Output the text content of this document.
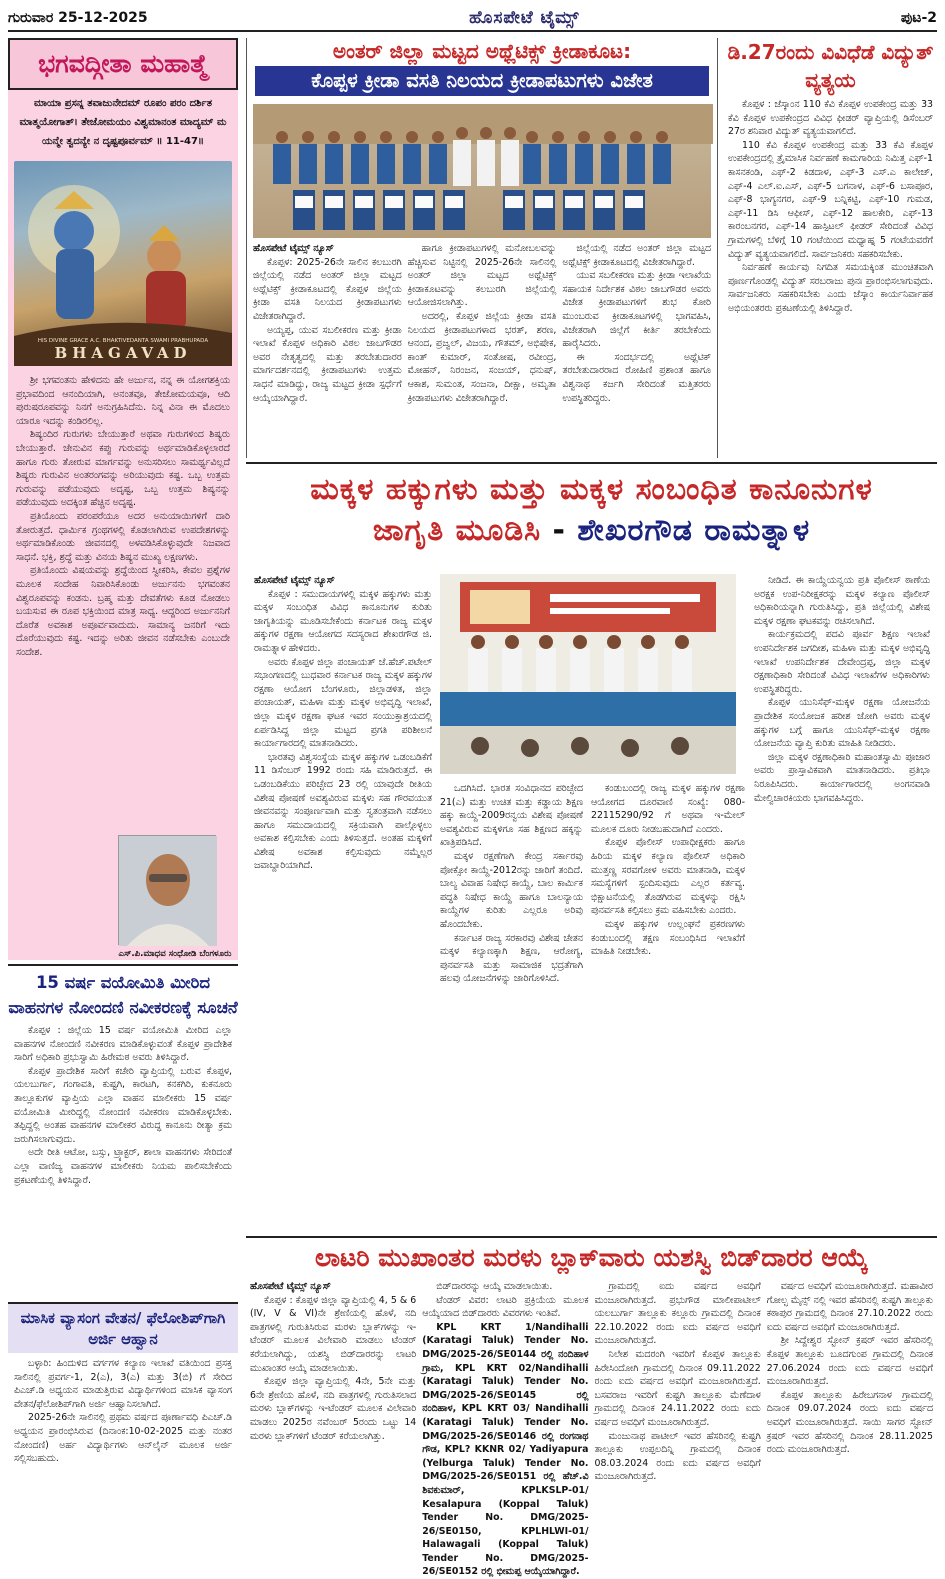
ಗುರುವಾರ 25-12-2025	ಹೊಸಪೇಟೆ ಟೈಮ್ಸ್	ಪುಟ-2
ಭಗವದ್ಗೀತಾ ಮಹಾತ್ಮೆ
ಮಾಯಾ ಪ್ರಸನ್ನ ತವಾಜುನೇದಮ್ ರೂಪಂ ಪರಂ ದರ್ಶಿತ ಮಾತ್ಮಯೋಗಾತ್। ತೇಜೋಮಯಂ ವಿಶ್ವಮಾನಂತ ಮಾದ್ಯಮ್ ಮ ಯನ್ಮೇ ತ್ವದನ್ಯೇ ನ ದೃಷ್ಟಪೂರ್ವಮ್ ॥ 11-47॥
HIS DIVINE GRACE A.C. BHAKTIVEDANTA SWAMI PRABHUPADA
BHAGAVAD

ಶ್ರೀ ಭಗವಂತನು ಹೇಳಿದನು ಹೇ ಅರ್ಜುನ, ನನ್ನ ಈ ಯೋಗಶಕ್ತಿಯ ಪ್ರಭಾವದಿಂದ ಆನಂದಿಯಾಗಿ, ಅನಂತವೂ, ತೇಜೋಮಯವೂ, ಆದಿ ಪುರುಷರೂಪವನ್ನು ನಿನಗೆ ಅನುಗ್ರಹಿಸಿದೆನು. ನಿನ್ನ ವಿನಾ ಈ ಮೊದಲು ಯಾರೂ ಇದನ್ನು ಕಂಡಿರಲಿಲ್ಲ.

ಶಿಷ್ಯಂದಿರ ಗುರುಗಳು ಬೇಯುತ್ತಾರೆ ಅಥವಾ ಗುರುಗಳಿಂದ ಶಿಷ್ಯರು ಬೇಯುತ್ತಾರೆ. ಜೇನುವಿನ ಕಪ್ಪು ಗುರುವನ್ನು ಅರ್ಥಮಾಡಿಕೊಳ್ಳಲಾರದೆ ಹಾಗೂ ಗುರು ತೋರುವ ಮಾರ್ಗವನ್ನು ಅನುಸರಿಸಲು ಸಾಮರ್ಥ್ಯವಿಲ್ಲದೆ ಶಿಷ್ಯರು ಗುರುವಿನ ಅಂತರಂಗವನ್ನು ಅರಿಯುವುದು ಕಷ್ಟ. ಒಬ್ಬ ಉತ್ತಮ ಗುರುವನ್ನು ಪಡೆಯುವುದು ಅದೃಷ್ಟ, ಒಬ್ಬ ಉತ್ತಮ ಶಿಷ್ಯನನ್ನು ಪಡೆಯುವುದು ಅದಕ್ಕಿಂತ ಹೆಚ್ಚಿನ ಅದೃಷ್ಟ.

ಪ್ರತಿಯೊಂದು ಪರಂಪರೆಯೂ ಅದರ ಅನುಯಾಯಿಗಳಿಗೆ ದಾರಿ ತೋರುತ್ತದೆ. ಧಾರ್ಮಿಕ ಗ್ರಂಥಗಳಲ್ಲಿ ಕೊಡಲಾಗಿರುವ ಉಪದೇಶಗಳನ್ನು ಅರ್ಥಮಾಡಿಕೊಂಡು ಜೀವನದಲ್ಲಿ ಅಳವಡಿಸಿಕೊಳ್ಳುವುದೇ ನಿಜವಾದ ಸಾಧನೆ. ಭಕ್ತಿ, ಶ್ರದ್ಧೆ ಮತ್ತು ವಿನಯ ಶಿಷ್ಯನ ಮುಖ್ಯ ಲಕ್ಷಣಗಳು.

ಪ್ರತಿಯೊಂದು ವಿಷಯವನ್ನು ಶ್ರದ್ಧೆಯಿಂದ ಸ್ವೀಕರಿಸಿ, ಕೇವಲ ಪ್ರಶ್ನೆಗಳ ಮೂಲಕ ಸಂದೇಹ ನಿವಾರಿಸಿಕೊಂಡು ಅರ್ಜುನನು ಭಗವಂತನ ವಿಶ್ವರೂಪವನ್ನು ಕಂಡನು. ಬ್ರಹ್ಮ ಮತ್ತು ದೇವತೆಗಳು ಕೂಡ ನೋಡಲು ಬಯಸುವ ಈ ರೂಪ ಭಕ್ತಿಯಿಂದ ಮಾತ್ರ ಸಾಧ್ಯ. ಆದ್ದರಿಂದ ಅರ್ಜುನನಿಗೆ ದೊರೆತ ಅವಕಾಶ ಅಪೂರ್ವವಾದುದು. ಸಾಮಾನ್ಯ ಜನರಿಗೆ ಇದು ದೊರೆಯುವುದು ಕಷ್ಟ. ಇದನ್ನು ಅರಿತು ಜೀವನ ನಡೆಸಬೇಕು ಎಂಬುದೇ ಸಂದೇಶ.

ಎಸ್.ಪಿ.ಮಾಧವ ಸಂಧೋಡಿ ಬೆಂಗಳೂರು
15 ವರ್ಷ ವಯೋಮಿತಿ ಮೀರಿದ ವಾಹನಗಳ ನೋಂದಣಿ ನವೀಕರಣಕ್ಕೆ ಸೂಚನೆ

ಕೊಪ್ಪಳ : ಜಿಲ್ಲೆಯ 15 ವರ್ಷ ವಯೋಮಿತಿ ಮೀರಿದ ಎಲ್ಲಾ ವಾಹನಗಳ ನೋಂದಣಿ ನವೀಕರಣ ಮಾಡಿಕೊಳ್ಳುವಂತೆ ಕೊಪ್ಪಳ ಪ್ರಾದೇಶಿಕ ಸಾರಿಗೆ ಅಧಿಕಾರಿ ಪ್ರಭುಸ್ವಾಮಿ ಹಿರೇಮಠ ಅವರು ತಿಳಿಸಿದ್ದಾರೆ.

ಕೊಪ್ಪಳ ಪ್ರಾದೇಶಿಕ ಸಾರಿಗೆ ಕಚೇರಿ ವ್ಯಾಪ್ತಿಯಲ್ಲಿ ಬರುವ ಕೊಪ್ಪಳ, ಯಲಬುರ್ಗಾ, ಗಂಗಾವತಿ, ಕುಷ್ಟಗಿ, ಕಾರಟಗಿ, ಕನಕಗಿರಿ, ಕುಕನೂರು ತಾಲ್ಲೂಕುಗಳ ವ್ಯಾಪ್ತಿಯ ಎಲ್ಲಾ ವಾಹನ ಮಾಲೀಕರು 15 ವರ್ಷ ವಯೋಮಿತಿ ಮೀರಿದ್ದಲ್ಲಿ ನೋಂದಣಿ ನವೀಕರಣ ಮಾಡಿಕೊಳ್ಳಬೇಕು. ತಪ್ಪಿದ್ದಲ್ಲಿ ಅಂತಹ ವಾಹನಗಳ ಮಾಲೀಕರ ವಿರುದ್ಧ ಕಾನೂನು ರೀತ್ಯಾ ಕ್ರಮ ಜರುಗಿಸಲಾಗುವುದು.

ಅದೇ ರೀತಿ ಆಟೋ, ಬಸ್ಸು, ಟ್ರ್ಯಾಕ್ಟರ್, ಶಾಲಾ ವಾಹನಗಳು ಸೇರಿದಂತೆ ಎಲ್ಲಾ ವಾಣಿಜ್ಯ ವಾಹನಗಳ ಮಾಲೀಕರು ನಿಯಮ ಪಾಲಿಸಬೇಕೆಂದು ಪ್ರಕಟಣೆಯಲ್ಲಿ ತಿಳಿಸಿದ್ದಾರೆ.

ಮಾಸಿಕ ವ್ಯಾಸಂಗ ವೇತನ/ ಫೆಲೋಶಿಪ್‌ಗಾಗಿ ಅರ್ಜಿ ಆಹ್ವಾನ

ಬಳ್ಳಾರಿ: ಹಿಂದುಳಿದ ವರ್ಗಗಳ ಕಲ್ಯಾಣ ಇಲಾಖೆ ವತಿಯಿಂದ ಪ್ರಸಕ್ತ ಸಾಲಿನಲ್ಲಿ ಪ್ರವರ್ಗ-1, 2(ಎ), 3(ಎ) ಮತ್ತು 3(ಬಿ) ಗೆ ಸೇರಿದ ಪಿಎಚ್.ಡಿ ಅಧ್ಯಯನ ಮಾಡುತ್ತಿರುವ ವಿದ್ಯಾರ್ಥಿಗಳಿಂದ ಮಾಸಿಕ ವ್ಯಾಸಂಗ ವೇತನ/ಫೆಲೋಶಿಪ್‌ಗಾಗಿ ಅರ್ಜಿ ಆಹ್ವಾನಿಸಲಾಗಿದೆ.

2025-26ನೇ ಸಾಲಿನಲ್ಲಿ ಪ್ರಥಮ ವರ್ಷದ ಪೂರ್ಣಾವಧಿ ಪಿಎಚ್.ಡಿ ಅಧ್ಯಯನ ಪ್ರಾರಂಭಿಸಿರುವ (ದಿನಾಂಕ:10-02-2025 ಮತ್ತು ನಂತರ ನೋಂದಣಿ) ಅರ್ಹ ವಿದ್ಯಾರ್ಥಿಗಳು ಆನ್‌ಲೈನ್ ಮೂಲಕ ಅರ್ಜಿ ಸಲ್ಲಿಸಬಹುದು.

ಅಂತರ್ ಜಿಲ್ಲಾ ಮಟ್ಟದ ಅಥ್ಲೆಟಿಕ್ಸ್ ಕ್ರೀಡಾಕೂಟ:
ಕೊಪ್ಪಳ ಕ್ರೀಡಾ ವಸತಿ ನಿಲಯದ ಕ್ರೀಡಾಪಟುಗಳು ವಿಜೇತ
ಹೊಸಪೇಟೆ ಟೈಮ್ಸ್ ನ್ಯೂಸ್

ಕೊಪ್ಪಳ: 2025-26ನೇ ಸಾಲಿನ ಕಲಬುರಗಿ ಜಿಲ್ಲೆಯಲ್ಲಿ ನಡೆದ ಅಂತರ್ ಜಿಲ್ಲಾ ಮಟ್ಟದ ಅಥ್ಲೆಟಿಕ್ಸ್ ಕ್ರೀಡಾಕೂಟದಲ್ಲಿ ಕೊಪ್ಪಳ ಜಿಲ್ಲೆಯ ಕ್ರೀಡಾ ವಸತಿ ನಿಲಯದ ಕ್ರೀಡಾಪಟುಗಳು ವಿಜೇತರಾಗಿದ್ದಾರೆ.

ಅಯ್ಯಪ್ಪ, ಯುವ ಸಬಲೀಕರಣ ಮತ್ತು ಕ್ರೀಡಾ ಇಲಾಖೆ ಕೊಪ್ಪಳ ಅಧಿಕಾರಿ ವಿಠಲ ಜಾಬಗೌಡರ ಅವರ ನೇತೃತ್ವದಲ್ಲಿ ಮತ್ತು ತರಬೇತುದಾರರ ಮಾರ್ಗದರ್ಶನದಲ್ಲಿ ಕ್ರೀಡಾಪಟುಗಳು ಉತ್ತಮ ಸಾಧನೆ ಮಾಡಿದ್ದು, ರಾಜ್ಯ ಮಟ್ಟದ ಕ್ರೀಡಾ ಸ್ಪರ್ಧೆಗೆ ಆಯ್ಕೆಯಾಗಿದ್ದಾರೆ.

ಹಾಗೂ ಕ್ರೀಡಾಪಟುಗಳಲ್ಲಿ ಮನೋಬಲವನ್ನು ಹೆಚ್ಚಿಸುವ ನಿಟ್ಟಿನಲ್ಲಿ 2025-26ನೇ ಸಾಲಿನಲ್ಲಿ ಅಂತರ್ ಜಿಲ್ಲಾ ಮಟ್ಟದ ಅಥ್ಲೆಟಿಕ್ಸ್ ಕ್ರೀಡಾಕೂಟವನ್ನು ಕಲಬುರಗಿ ಜಿಲ್ಲೆಯಲ್ಲಿ ಆಯೋಜಿಸಲಾಗಿತ್ತು.

ಅದರಲ್ಲಿ, ಕೊಪ್ಪಳ ಜಿಲ್ಲೆಯ ಕ್ರೀಡಾ ವಸತಿ ನಿಲಯದ ಕ್ರೀಡಾಪಟುಗಳಾದ ಭರತ್, ಶರಣ, ಆನಂದ, ಪ್ರಜ್ವಲ್, ವಿಜಯ, ಗೌತಮ್, ಅಭಿಷೇಕ, ಕಾಂತ್ ಕುಮಾರ್, ಸಂತೋಷ, ರವೀಂದ್ರ, ಮೋಹನ್, ನಿರಂಜನ, ಸಂಜಯ್, ಧನುಷ್, ಆಕಾಶ, ಸುಮಂತ, ಸಂಜನಾ, ದೀಕ್ಷಾ, ಅಮೃತಾ ಕ್ರೀಡಾಪಟುಗಳು ವಿಜೇತರಾಗಿದ್ದಾರೆ.

ಜಿಲ್ಲೆಯಲ್ಲಿ ನಡೆದ ಅಂತರ್ ಜಿಲ್ಲಾ ಮಟ್ಟದ ಅಥ್ಲೆಟಿಕ್ಸ್ ಕ್ರೀಡಾಕೂಟದಲ್ಲಿ ವಿಜೇತರಾಗಿದ್ದಾರೆ.

ಯುವ ಸಬಲೀಕರಣ ಮತ್ತು ಕ್ರೀಡಾ ಇಲಾಖೆಯ ಸಹಾಯಕ ನಿರ್ದೇಶಕ ವಿಠಲ ಜಾಬಗೌಡರ ಅವರು ವಿಜೇತ ಕ್ರೀಡಾಪಟುಗಳಿಗೆ ಶುಭ ಕೋರಿ ಮುಂಬರುವ ಕ್ರೀಡಾಕೂಟಗಳಲ್ಲಿ ಭಾಗವಹಿಸಿ, ವಿಜೇತರಾಗಿ ಜಿಲ್ಲೆಗೆ ಕೀರ್ತಿ ತರಬೇಕೆಂದು ಹಾರೈಸಿದರು.

ಈ ಸಂದರ್ಭದಲ್ಲಿ ಅಥ್ಲೆಟಿಕ್ ತರಬೇತುದಾರರಾದ ರೋಹಿಣಿ ಪ್ರಶಾಂತ ಹಾಗೂ ವಿಶ್ವನಾಥ ಕರ್ಜಗಿ ಸೇರಿದಂತೆ ಮತ್ತಿತರರು ಉಪಸ್ಥಿತರಿದ್ದರು.

ಡಿ.27ರಂದು ವಿವಿಧೆಡೆ ವಿದ್ಯುತ್ ವ್ಯತ್ಯಯ

ಕೊಪ್ಪಳ : ಜೆಸ್ಕಾಂನ 110 ಕೆವಿ ಕೊಪ್ಪಳ ಉಪಕೇಂದ್ರ ಮತ್ತು 33 ಕೆವಿ ಕೊಪ್ಪಳ ಉಪಕೇಂದ್ರದ ವಿವಿಧ ಫೀಡರ್ ವ್ಯಾಪ್ತಿಯಲ್ಲಿ ಡಿಸೆಂಬರ್ 27ರ ಶನಿವಾರ ವಿದ್ಯುತ್ ವ್ಯತ್ಯಯವಾಗಲಿದೆ.

110 ಕೆವಿ ಕೊಪ್ಪಳ ಉಪಕೇಂದ್ರ ಮತ್ತು 33 ಕೆವಿ ಕೊಪ್ಪಳ ಉಪಕೇಂದ್ರದಲ್ಲಿ ತ್ರೈಮಾಸಿಕ ನಿರ್ವಹಣೆ ಕಾಮಗಾರಿಯ ನಿಮಿತ್ತ ಎಫ್-1 ಕಾಸನಕಂಡಿ, ಎಫ್-2 ಕಿಡದಾಳ, ಎಫ್-3 ಎಸ್.ಎ ಕಾಲೇಜ್, ಎಫ್-4 ಎಲ್.ಐ.ಎಸ್, ಎಫ್-5 ಬಗನಾಳ, ಎಫ್-6 ಬಸಾಪೂರ, ಎಫ್-8 ಭಾಗ್ಯನಗರ, ಎಫ್-9 ಬನ್ನಿಕಟ್ಟಿ, ಎಫ್-10 ಗುಮಡ, ಎಫ್-11 ಡಿಸಿ ಆಫೀಸ್, ಎಫ್-12 ಹಾಲಕೇರಿ, ಎಫ್-13 ಕಾರಂಬನಗರ, ಎಫ್-14 ಹಾಸ್ಪಿಟಲ್ ಫೀಡರ್ ಸೇರಿದಂತೆ ವಿವಿಧ ಗ್ರಾಮಗಳಲ್ಲಿ ಬೆಳಿಗ್ಗೆ 10 ಗಂಟೆಯಿಂದ ಮಧ್ಯಾಹ್ನ 5 ಗಂಟೆಯವರೆಗೆ ವಿದ್ಯುತ್ ವ್ಯತ್ಯಯವಾಗಲಿದೆ. ಸಾರ್ವಜನಿಕರು ಸಹಕರಿಸಬೇಕು.

ನಿರ್ವಹಣೆ ಕಾರ್ಯವು ನಿಗದಿತ ಸಮಯಕ್ಕಿಂತ ಮುಂಚಿತವಾಗಿ ಪೂರ್ಣಗೊಂಡಲ್ಲಿ ವಿದ್ಯುತ್ ಸರಬರಾಜು ಪುನಃ ಪ್ರಾರಂಭಿಸಲಾಗುವುದು. ಸಾರ್ವಜನಿಕರು ಸಹಕರಿಸಬೇಕು ಎಂದು ಜೆಸ್ಕಾಂ ಕಾರ್ಯನಿರ್ವಾಹಕ ಅಭಿಯಂತರರು ಪ್ರಕಟಣೆಯಲ್ಲಿ ತಿಳಿಸಿದ್ದಾರೆ.

ಮಕ್ಕಳ ಹಕ್ಕುಗಳು ಮತ್ತು ಮಕ್ಕಳ ಸಂಬಂಧಿತ ಕಾನೂನುಗಳ
ಜಾಗೃತಿ ಮೂಡಿಸಿ - ಶೇಖರಗೌಡ ರಾಮತ್ನಾಳ
ಹೊಸಪೇಟೆ ಟೈಮ್ಸ್ ನ್ಯೂಸ್

ಕೊಪ್ಪಳ : ಸಮುದಾಯಗಳಲ್ಲಿ ಮಕ್ಕಳ ಹಕ್ಕುಗಳು ಮತ್ತು ಮಕ್ಕಳ ಸಂಬಂಧಿತ ವಿವಿಧ ಕಾನೂನುಗಳ ಕುರಿತು ಜಾಗೃತಿಯನ್ನು ಮೂಡಿಸಬೇಕೆಂದು ಕರ್ನಾಟಕ ರಾಜ್ಯ ಮಕ್ಕಳ ಹಕ್ಕುಗಳ ರಕ್ಷಣಾ ಆಯೋಗದ ಸದಸ್ಯರಾದ ಶೇಖರಗೌಡ ಜಿ. ರಾಮತ್ನಾಳ ಹೇಳಿದರು.

ಅವರು ಕೊಪ್ಪಳ ಜಿಲ್ಲಾ ಪಂಚಾಯತ್ ಜೆ.ಹೆಚ್.ಪಟೇಲ್ ಸಭಾಂಗಣದಲ್ಲಿ ಬುಧವಾರ ಕರ್ನಾಟಕ ರಾಜ್ಯ ಮಕ್ಕಳ ಹಕ್ಕುಗಳ ರಕ್ಷಣಾ ಆಯೋಗ ಬೆಂಗಳೂರು, ಜಿಲ್ಲಾಡಳಿತ, ಜಿಲ್ಲಾ ಪಂಚಾಯತ್, ಮಹಿಳಾ ಮತ್ತು ಮಕ್ಕಳ ಅಭಿವೃದ್ಧಿ ಇಲಾಖೆ, ಜಿಲ್ಲಾ ಮಕ್ಕಳ ರಕ್ಷಣಾ ಘಟಕ ಇವರ ಸಂಯುಕ್ತಾಶ್ರಯದಲ್ಲಿ ಏರ್ಪಡಿಸಿದ್ದ ಜಿಲ್ಲಾ ಮಟ್ಟದ ಪ್ರಗತಿ ಪರಿಶೀಲನೆ ಕಾರ್ಯಾಗಾರದಲ್ಲಿ ಮಾತನಾಡಿದರು.

ಭಾರತವು ವಿಶ್ವಸಂಸ್ಥೆಯ ಮಕ್ಕಳ ಹಕ್ಕುಗಳ ಒಡಂಬಡಿಕೆಗೆ 11 ಡಿಸೆಂಬರ್ 1992 ರಂದು ಸಹಿ ಮಾಡಿರುತ್ತದೆ. ಈ ಒಡಂಬಡಿಕೆಯು ಪರಿಚ್ಛೇದ 23 ರಲ್ಲಿ ಯಾವುದೇ ರೀತಿಯ ವಿಶೇಷ ಪೋಷಣೆ ಅವಶ್ಯವಿರುವ ಮಕ್ಕಳು ಸಹ ಗೌರವಯುತ ಜೀವನವನ್ನು ಸಂಪೂರ್ಣವಾಗಿ ಮತ್ತು ಸ್ವತಂತ್ರವಾಗಿ ನಡೆಸಲು ಹಾಗೂ ಸಮುದಾಯದಲ್ಲಿ ಸಕ್ರಿಯವಾಗಿ ಪಾಲ್ಗೊಳ್ಳಲು ಅವಕಾಶ ಕಲ್ಪಿಸಬೇಕು ಎಂದು ತಿಳಿಸುತ್ತದೆ. ಅಂತಹ ಮಕ್ಕಳಿಗೆ ವಿಶೇಷ ಅವಕಾಶ ಕಲ್ಪಿಸುವುದು ನಮ್ಮೆಲ್ಲರ ಜವಾಬ್ದಾರಿಯಾಗಿದೆ.

ಒದಗಿಸಿದೆ. ಭಾರತ ಸಂವಿಧಾನದ ಪರಿಚ್ಛೇದ 21(ಎ) ಮತ್ತು ಉಚಿತ ಮತ್ತು ಕಡ್ಡಾಯ ಶಿಕ್ಷಣ ಹಕ್ಕು ಕಾಯ್ದೆ-2009ರನ್ವಯ ವಿಶೇಷ ಪೋಷಣೆ ಅವಶ್ಯವಿರುವ ಮಕ್ಕಳಿಗೂ ಸಹ ಶಿಕ್ಷಣದ ಹಕ್ಕನ್ನು ಖಾತ್ರಿಪಡಿಸಿದೆ.

ಮಕ್ಕಳ ರಕ್ಷಣೆಗಾಗಿ ಕೇಂದ್ರ ಸರ್ಕಾರವು ಪೋಕ್ಸೋ ಕಾಯ್ದೆ-2012ರನ್ನು ಜಾರಿಗೆ ತಂದಿದೆ. ಬಾಲ್ಯ ವಿವಾಹ ನಿಷೇಧ ಕಾಯ್ದೆ, ಬಾಲ ಕಾರ್ಮಿಕ ಪದ್ಧತಿ ನಿಷೇಧ ಕಾಯ್ದೆ ಹಾಗೂ ಬಾಲನ್ಯಾಯ ಕಾಯ್ದೆಗಳ ಕುರಿತು ಎಲ್ಲರೂ ಅರಿವು ಹೊಂದಬೇಕು.

ಕರ್ನಾಟಕ ರಾಜ್ಯ ಸರಕಾರವು ವಿಶೇಷ ಚೇತನ ಮಕ್ಕಳ ಕಲ್ಯಾಣಕ್ಕಾಗಿ ಶಿಕ್ಷಣ, ಆರೋಗ್ಯ, ಪುನರ್ವಸತಿ ಮತ್ತು ಸಾಮಾಜಿಕ ಭದ್ರತೆಗಾಗಿ ಹಲವು ಯೋಜನೆಗಳನ್ನು ಜಾರಿಗೊಳಿಸಿದೆ.

ಕಂಡುಬಂದಲ್ಲಿ ರಾಜ್ಯ ಮಕ್ಕಳ ಹಕ್ಕುಗಳ ರಕ್ಷಣಾ ಆಯೋಗದ ದೂರವಾಣಿ ಸಂಖ್ಯೆ: 080-22115290/92 ಗೆ ಅಥವಾ ಇ-ಮೇಲ್ ಮೂಲಕ ದೂರು ನೀಡಬಹುದಾಗಿದೆ ಎಂದರು.

ಕೊಪ್ಪಳ ಪೊಲೀಸ್ ಉಪಾಧೀಕ್ಷಕರು ಹಾಗೂ ಹಿರಿಯ ಮಕ್ಕಳ ಕಲ್ಯಾಣ ಪೊಲೀಸ್ ಅಧಿಕಾರಿ ಮುತ್ತಣ್ಣ ಸರವಗೋಳ ಅವರು ಮಾತನಾಡಿ, ಮಕ್ಕಳ ಸಮಸ್ಯೆಗಳಿಗೆ ಸ್ಪಂದಿಸುವುದು ಎಲ್ಲರ ಕರ್ತವ್ಯ. ಭಿಕ್ಷಾಟನೆಯಲ್ಲಿ ತೊಡಗಿರುವ ಮಕ್ಕಳನ್ನು ರಕ್ಷಿಸಿ ಪುನರ್ವಸತಿ ಕಲ್ಪಿಸಲು ಕ್ರಮ ವಹಿಸಬೇಕು ಎಂದರು.

ಮಕ್ಕಳ ಹಕ್ಕುಗಳ ಉಲ್ಲಂಘನೆ ಪ್ರಕರಣಗಳು ಕಂಡುಬಂದಲ್ಲಿ ತಕ್ಷಣ ಸಂಬಂಧಿಸಿದ ಇಲಾಖೆಗೆ ಮಾಹಿತಿ ನೀಡಬೇಕು.

ನೀಡಿದೆ. ಈ ಕಾಯ್ದೆಯನ್ವಯ ಪ್ರತಿ ಪೊಲೀಸ್ ಠಾಣೆಯ ಅರಕ್ಷಕ ಉಪ-ನಿರೀಕ್ಷಕರನ್ನು ಮಕ್ಕಳ ಕಲ್ಯಾಣ ಪೊಲೀಸ್ ಅಧಿಕಾರಿಯನ್ನಾಗಿ ಗುರುತಿಸಿದ್ದು, ಪ್ರತಿ ಜಿಲ್ಲೆಯಲ್ಲಿ ವಿಶೇಷ ಮಕ್ಕಳ ರಕ್ಷಣಾ ಘಟಕವನ್ನು ರಚಿಸಲಾಗಿದೆ.

ಕಾರ್ಯಕ್ರಮದಲ್ಲಿ ಪದವಿ ಪೂರ್ವ ಶಿಕ್ಷಣ ಇಲಾಖೆ ಉಪನಿರ್ದೇಶಕ ಜಗದೀಶ, ಮಹಿಳಾ ಮತ್ತು ಮಕ್ಕಳ ಅಭಿವೃದ್ಧಿ ಇಲಾಖೆ ಉಪನಿರ್ದೇಶಕ ದೇವೇಂದ್ರಪ್ಪ, ಜಿಲ್ಲಾ ಮಕ್ಕಳ ರಕ್ಷಣಾಧಿಕಾರಿ ಸೇರಿದಂತೆ ವಿವಿಧ ಇಲಾಖೆಗಳ ಅಧಿಕಾರಿಗಳು ಉಪಸ್ಥಿತರಿದ್ದರು.

ಕೊಪ್ಪಳ ಯುನಿಸೆಫ್-ಮಕ್ಕಳ ರಕ್ಷಣಾ ಯೋಜನೆಯ ಪ್ರಾದೇಶಿಕ ಸಂಯೋಜಕ ಹರೀಶ ಜೋಗಿ ಅವರು ಮಕ್ಕಳ ಹಕ್ಕುಗಳ ಬಗ್ಗೆ ಹಾಗೂ ಯುನಿಸೆಫ್-ಮಕ್ಕಳ ರಕ್ಷಣಾ ಯೋಜನೆಯ ವ್ಯಾಪ್ತಿ ಕುರಿತು ಮಾಹಿತಿ ನೀಡಿದರು.

ಜಿಲ್ಲಾ ಮಕ್ಕಳ ರಕ್ಷಣಾಧಿಕಾರಿ ಮಹಾಂತಸ್ವಾಮಿ ಪೂಜಾರ ಅವರು ಪ್ರಾಸ್ತಾವಿಕವಾಗಿ ಮಾತನಾಡಿದರು. ಪ್ರತಿಭಾ ನಿರೂಪಿಸಿದರು. ಕಾರ್ಯಾಗಾರದಲ್ಲಿ ಅಂಗನವಾಡಿ ಮೇಲ್ವಿಚಾರಕಿಯರು ಭಾಗವಹಿಸಿದ್ದರು.

ಲಾಟರಿ ಮುಖಾಂತರ ಮರಳು ಬ್ಲಾಕ್‌ವಾರು ಯಶಸ್ವಿ ಬಿಡ್‌ದಾರರ ಆಯ್ಕೆ
ಹೊಸಪೇಟೆ ಟೈಮ್ಸ್ ನ್ಯೂಸ್

ಕೊಪ್ಪಳ : ಕೊಪ್ಪಳ ಜಿಲ್ಲಾ ವ್ಯಾಪ್ತಿಯಲ್ಲಿ 4, 5 & 6 (IV, V & VI)ನೇ ಶ್ರೇಣಿಯಲ್ಲಿ ಹೊಳೆ, ನದಿ ಪಾತ್ರಗಳಲ್ಲಿ ಗುರುತಿಸಿರುವ ಮರಳು ಬ್ಲಾಕ್‌ಗಳನ್ನು ಇ-ಟೆಂಡರ್ ಮೂಲಕ ವಿಲೇವಾರಿ ಮಾಡಲು ಟೆಂಡರ್ ಕರೆಯಲಾಗಿದ್ದು, ಯಶಸ್ವಿ ಬಿಡ್‌ದಾರರನ್ನು ಲಾಟರಿ ಮುಖಾಂತರ ಆಯ್ಕೆ ಮಾಡಲಾಯಿತು.

ಕೊಪ್ಪಳ ಜಿಲ್ಲಾ ವ್ಯಾಪ್ತಿಯಲ್ಲಿ 4ನೇ, 5ನೇ ಮತ್ತು 6ನೇ ಶ್ರೇಣಿಯ ಹೊಳೆ, ನದಿ ಪಾತ್ರಗಳಲ್ಲಿ ಗುರುತಿಸಲಾದ ಮರಳು ಬ್ಲಾಕ್‌ಗಳನ್ನು ಇ-ಟೆಂಡರ್ ಮೂಲಕ ವಿಲೇವಾರಿ ಮಾಡಲು 2025ರ ನವೆಂಬರ್ 5ರಂದು ಒಟ್ಟು 14 ಮರಳು ಬ್ಲಾಕ್‌ಗಳಿಗೆ ಟೆಂಡರ್ ಕರೆಯಲಾಗಿತ್ತು.

ಬಿಡ್‌ದಾರರನ್ನು ಆಯ್ಕೆ ಮಾಡಲಾಯಿತು.

ಟೆಂಡರ್ ವಿವರ: ಲಾಟರಿ ಪ್ರಕ್ರಿಯೆಯ ಮೂಲಕ ಆಯ್ಕೆಯಾದ ಬಿಡ್‌ದಾರರು ವಿವರಗಳು ಇಂತಿವೆ.

KPL KRT 1/Nandihalli (Karatagi Taluk) Tender No. DMG/2025-26/SE0144 ರಲ್ಲಿ ನಂದಿಹಾಳ ಗ್ರಾಮ, KPL KRT 02/Nandihalli (Karatagi Taluk) Tender No. DMG/2025-26/SE0145 ರಲ್ಲಿ ನಂದಿಹಾಳ, KPL KRT 03/ Nandihalli (Karatagi Taluk) Tender No. DMG/2025-26/SE0146 ರಲ್ಲಿ ರಂಗನಾಥ ಗೌಡ, KPL? KKNR 02/ Yadiyapura (Yelburga Taluk) Tender No. DMG/2025-26/SE0151 ರಲ್ಲಿ ಹೆಚ್.ವಿ ಶಿವಕುಮಾರ್, KPLKSLP-01/ Kesalapura (Koppal Taluk) Tender No. DMG/2025-26/SE0150, KPLHLWI-01/ Halawagali (Koppal Taluk) Tender No. DMG/2025-26/SE0152 ರಲ್ಲಿ ಭೀಮಪ್ಪ ಆಯ್ಕೆಯಾಗಿದ್ದಾರೆ.

ಗ್ರಾಮದಲ್ಲಿ ಐದು ವರ್ಷದ ಅವಧಿಗೆ ಮಂಜೂರಾಗಿರುತ್ತದೆ. ಪ್ರಭುಗೌಡ ಮಾಲೀಪಾಟೀಲ್ ಯಲಬುರ್ಗಾ ತಾಲ್ಲೂಕು ಕಲ್ಲೂರು ಗ್ರಾಮದಲ್ಲಿ ದಿನಾಂಕ 22.10.2022 ರಂದು ಐದು ವರ್ಷದ ಅವಧಿಗೆ ಮಂಜೂರಾಗಿರುತ್ತದೆ.

ನಿಲೇಶ ಮದರಂಗಿ ಇವರಿಗೆ ಕೊಪ್ಪಳ ತಾಲ್ಲೂಕು ಹಿರೇಸಿಂದೋಗಿ ಗ್ರಾಮದಲ್ಲಿ ದಿನಾಂಕ 09.11.2022 ರಂದು ಐದು ವರ್ಷದ ಅವಧಿಗೆ ಮಂಜೂರಾಗಿರುತ್ತದೆ. ಬಸವರಾಜ ಇವರಿಗೆ ಕುಷ್ಟಗಿ ತಾಲ್ಲೂಕು ಮೆಣೆದಾಳ ಗ್ರಾಮದಲ್ಲಿ ದಿನಾಂಕ 24.11.2022 ರಂದು ಐದು ವರ್ಷದ ಅವಧಿಗೆ ಮಂಜೂರಾಗಿರುತ್ತದೆ.

ಮಂಜುನಾಥ ಪಾಟೀಲ್ ಇವರ ಹೆಸರಿನಲ್ಲಿ ಕುಷ್ಟಗಿ ತಾಲ್ಲೂಕು ಉಪ್ಪಲದಿನ್ನಿ ಗ್ರಾಮದಲ್ಲಿ ದಿನಾಂಕ 08.03.2024 ರಂದು ಐದು ವರ್ಷದ ಅವಧಿಗೆ ಮಂಜೂರಾಗಿರುತ್ತದೆ.

ವರ್ಷದ ಅವಧಿಗೆ ಮಂಜೂರಾಗಿರುತ್ತದೆ. ಮಹಾವೀರ ಗೋಲ್ಛ ಮೈನ್ಸ್ ನಲ್ಲಿ ಇವರ ಹೆಸರಿನಲ್ಲಿ ಕುಷ್ಟಗಿ ತಾಲ್ಲೂಕು ಕಠಾಪುರ ಗ್ರಾಮದಲ್ಲಿ ದಿನಾಂಕ 27.10.2022 ರಂದು ಐದು ವರ್ಷದ ಅವಧಿಗೆ ಮಂಜೂರಾಗಿರುತ್ತದೆ.

ಶ್ರೀ ಸಿದ್ದೇಶ್ವರ ಸ್ಟೋನ್ ಕ್ರಷರ್ ಇವರ ಹೆಸರಿನಲ್ಲಿ ಕೊಪ್ಪಳ ತಾಲ್ಲೂಕು ಬೂದಗುಂಪ ಗ್ರಾಮದಲ್ಲಿ ದಿನಾಂಕ 27.06.2024 ರಂದು ಐದು ವರ್ಷದ ಅವಧಿಗೆ ಮಂಜೂರಾಗಿರುತ್ತದೆ.

ಕೊಪ್ಪಳ ತಾಲ್ಲೂಕು ಹಿರೇಬಗನಾಳ ಗ್ರಾಮದಲ್ಲಿ ದಿನಾಂಕ 09.07.2024 ರಂದು ಐದು ವರ್ಷದ ಅವಧಿಗೆ ಮಂಜೂರಾಗಿರುತ್ತದೆ. ಸಾಯಿ ಸಾಗರ ಸ್ಟೋನ್ ಕ್ರಷರ್ ಇವರ ಹೆಸರಿನಲ್ಲಿ ದಿನಾಂಕ 28.11.2025 ರಂದು ಮಂಜೂರಾಗಿರುತ್ತದೆ.
